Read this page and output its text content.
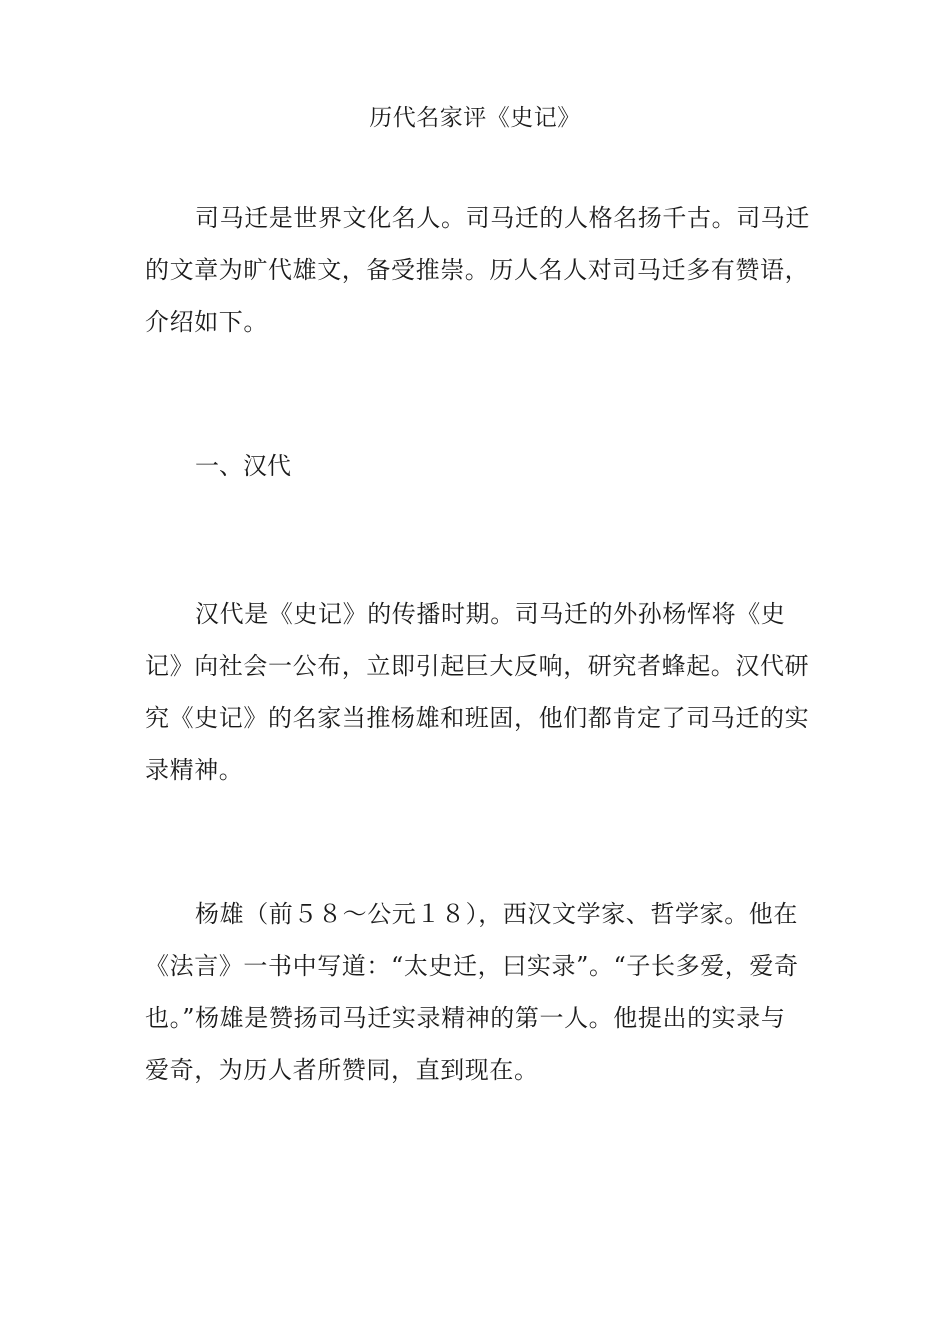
历代名家评《史记》

司马迁是世界文化名人。司马迁的人格名扬千古。司马迁的文章为旷代雄文，备受推崇。历人名人对司马迁多有赞语，介绍如下。

一、汉代

汉代是《史记》的传播时期。司马迁的外孙杨恽将《史记》向社会一公布，立即引起巨大反响，研究者蜂起。汉代研究《史记》的名家当推杨雄和班固，他们都肯定了司马迁的实录精神。

杨雄（前５８～公元１８），西汉文学家、哲学家。他在《法言》一书中写道：“太史迁，曰实录”。“子长多爱，爱奇也。”杨雄是赞扬司马迁实录精神的第一人。他提出的实录与爱奇，为历人者所赞同，直到现在。
